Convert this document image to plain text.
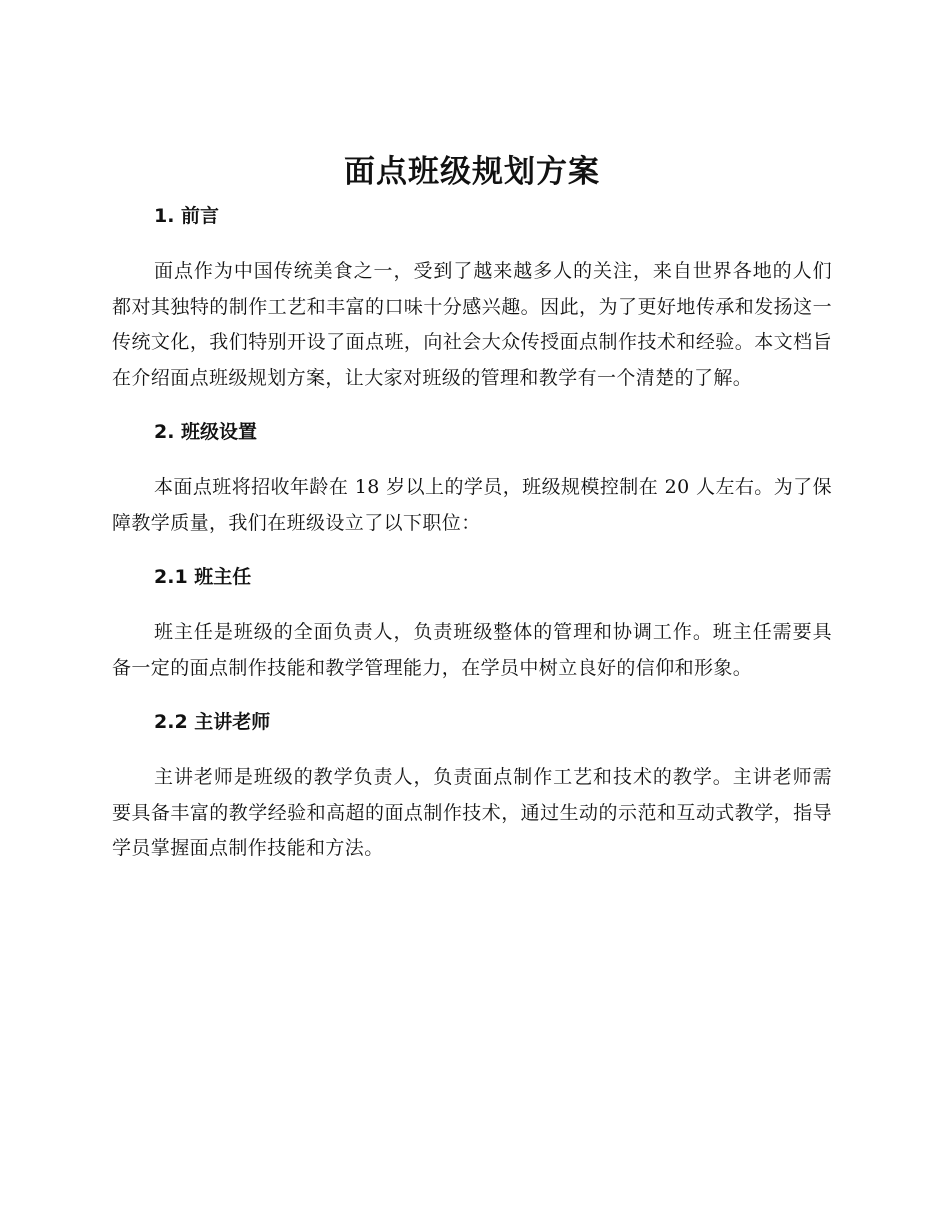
面点班级规划方案
1. 前言

面点作为中国传统美食之一，受到了越来越多人的关注，来自世界各地的人们都对其独特的制作工艺和丰富的口味十分感兴趣。因此，为了更好地传承和发扬这一传统文化，我们特别开设了面点班，向社会大众传授面点制作技术和经验。本文档旨在介绍面点班级规划方案，让大家对班级的管理和教学有一个清楚的了解。

2. 班级设置

本面点班将招收年龄在 18 岁以上的学员，班级规模控制在 20 人左右。为了保障教学质量，我们在班级设立了以下职位：

2.1 班主任

班主任是班级的全面负责人，负责班级整体的管理和协调工作。班主任需要具备一定的面点制作技能和教学管理能力，在学员中树立良好的信仰和形象。

2.2 主讲老师

主讲老师是班级的教学负责人，负责面点制作工艺和技术的教学。主讲老师需要具备丰富的教学经验和高超的面点制作技术，通过生动的示范和互动式教学，指导学员掌握面点制作技能和方法。
